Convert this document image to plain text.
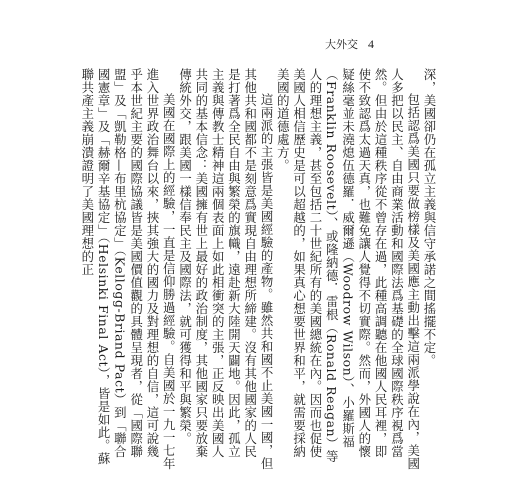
大外交 4

深，美國卻仍在孤立主義與信守承諾之間搖擺不定。

包括認爲美國只要做榜樣及美國應主動出擊這兩派學說在內，美國人多把以民主、自由商業活動和國際法爲基礎的全球國際秩序視爲當然。但由於這種秩序從不曾存在過，此種高調聽在他國人民耳裡，即使不致認爲太過天真，也難免讓人覺得不切實際。然而，外國人的懷疑絲毫並未澆熄伍德羅．威爾遜（Woodrow Wilson）、小羅斯福（Franklin Roosevelt）、或隆納德．雷根（Ronald Reagan）等人的理想主義，甚至包括二十世紀所有的美國總統在內。因而也促使美國人相信歷史是可以超越的，如果真心想要世界和平，就需要採納美國的道德處方。

這兩派的主張皆是美國經驗的產物。雖然共和國不止美國一國，但其他共和國都不是刻意爲實現自由理想所締建。沒有其他國家的人民是打著爲全民自由與繁榮的旗幟，遠赴新大陸開天闢地。因此，孤立主義與傳教士精神這兩個表面上如此相衝突的主張，正反映出美國人共同的基本信念：美國擁有世上最好的政治制度，其他國家只要放棄傳統外交，跟美國一樣信奉民主及國際法，就可獲得和平與繁榮。

美國在國際上的經驗，一直是信仰勝過經驗。自美國於一九一七年進入世界政治舞台以來，挾其強大的國力及對理想的自信，這可說幾乎本世紀主要的國際協議皆是美國價值觀的具體呈現者，從「國際聯盟」及「凱勒格—布里杭協定」（Kellogg-Briand Pact）到「聯合國憲章」及「赫爾辛基協定」（Helsinki Final Act），皆是如此。蘇聯共產主義崩潰證明了美國理想的正
